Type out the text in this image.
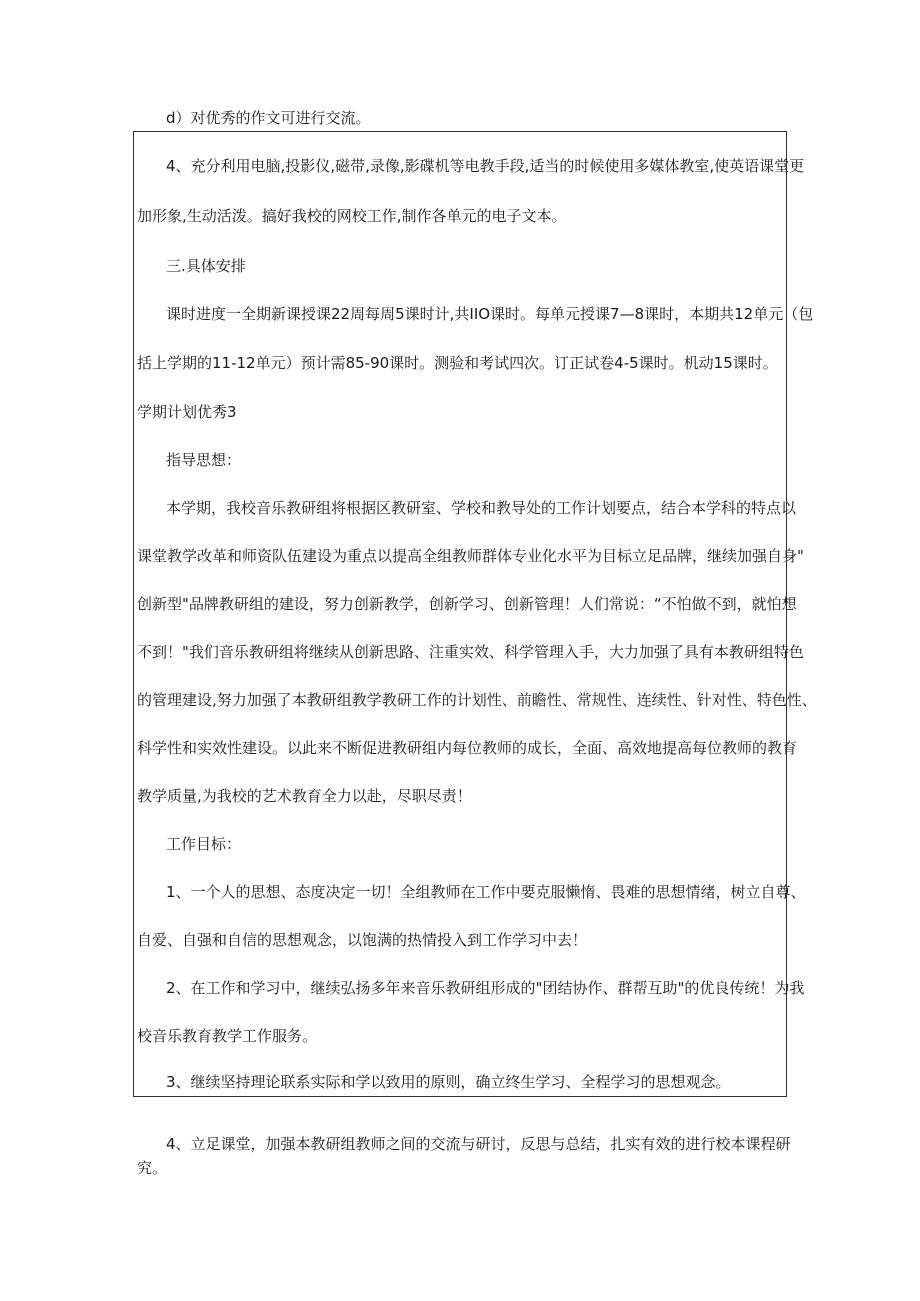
d）对优秀的作文可进行交流。
4、充分利用电脑,投影仪,磁带,录像,影碟机等电教手段,适当的时候使用多媒体教室,使英语课堂更
加形象,生动活泼。搞好我校的网校工作,制作各单元的电子文本。
三.具体安排
课时进度一全期新课授课22周每周5课时计,共IIO课时。每单元授课7—8课时，本期共12单元（包
括上学期的11-12单元）预计需85-90课时。测验和考试四次。订正试卷4-5课时。机动15课时。
学期计划优秀3
指导思想：
本学期，我校音乐教研组将根据区教研室、学校和教导处的工作计划要点，结合本学科的特点以
课堂教学改革和师资队伍建设为重点以提高全组教师群体专业化水平为目标立足品牌，继续加强自身"
创新型"品牌教研组的建设，努力创新教学，创新学习、创新管理！人们常说：“不怕做不到，就怕想
不到！"我们音乐教研组将继续从创新思路、注重实效、科学管理入手，大力加强了具有本教研组特色
的管理建设,努力加强了本教研组教学教研工作的计划性、前瞻性、常规性、连续性、针对性、特色性、
科学性和实效性建设。以此来不断促进教研组内每位教师的成长，全面、高效地提高每位教师的教育
教学质量,为我校的艺术教育全力以赴，尽职尽责！
工作目标：
1、一个人的思想、态度决定一切！全组教师在工作中要克服懒惰、畏难的思想情绪，树立自尊、
自爱、自强和自信的思想观念，以饱满的热情投入到工作学习中去！
2、在工作和学习中，继续弘扬多年来音乐教研组形成的"团结协作、群帮互助"的优良传统！为我
校音乐教育教学工作服务。
3、继续坚持理论联系实际和学以致用的原则，确立终生学习、全程学习的思想观念。
4、立足课堂，加强本教研组教师之间的交流与研讨，反思与总结，扎实有效的进行校本课程研
究。
